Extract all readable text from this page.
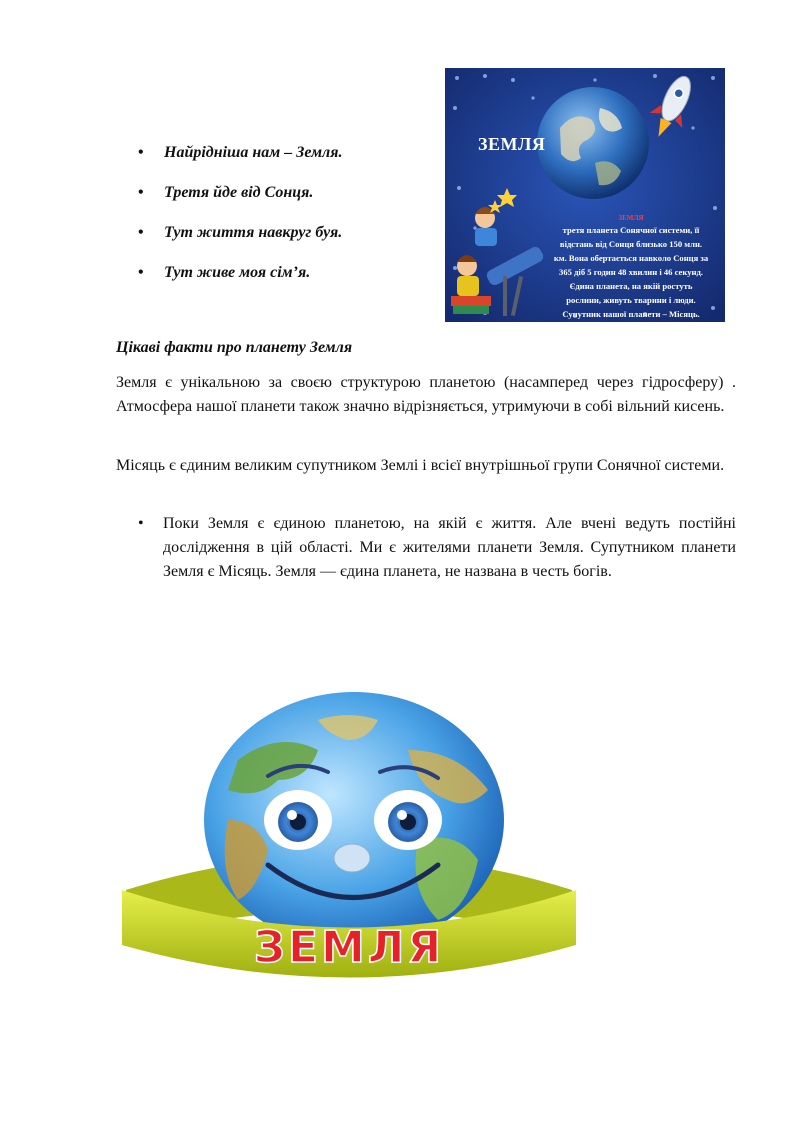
• Найрідніша нам – Земля.
• Третя йде від Сонця.
• Тут життя навкруг буя.
• Тут живе моя сім’я.
ЗЕМЛЯ
ЗЕМЛЯ
третя планета Сонячної системи, її
відстань від Сонця близько 150 млн.
км. Вона обертається навколо Сонця за
365 діб 5 годин 48 хвилин і 46 секунд.
Єдина планета, на якій ростуть
рослини, живуть тварини і люди.
Супутник нашої планети – Місяць.
Цікаві факти про планету Земля

Земля є унікальною за своєю структурою планетою (насамперед через гідросферу) . Атмосфера нашої планети також значно відрізняється, утримуючи в собі вільний кисень.

Місяць є єдиним великим супутником Землі і всієї внутрішньої групи Сонячної системи.

• Поки Земля є єдиною планетою, на якій є життя. Але вчені ведуть постійні дослідження в цій області. Ми є жителями планети Земля. Супутником планети Земля є Місяць. Земля — єдина планета, не названа в честь богів.

ЗЕМЛЯ
